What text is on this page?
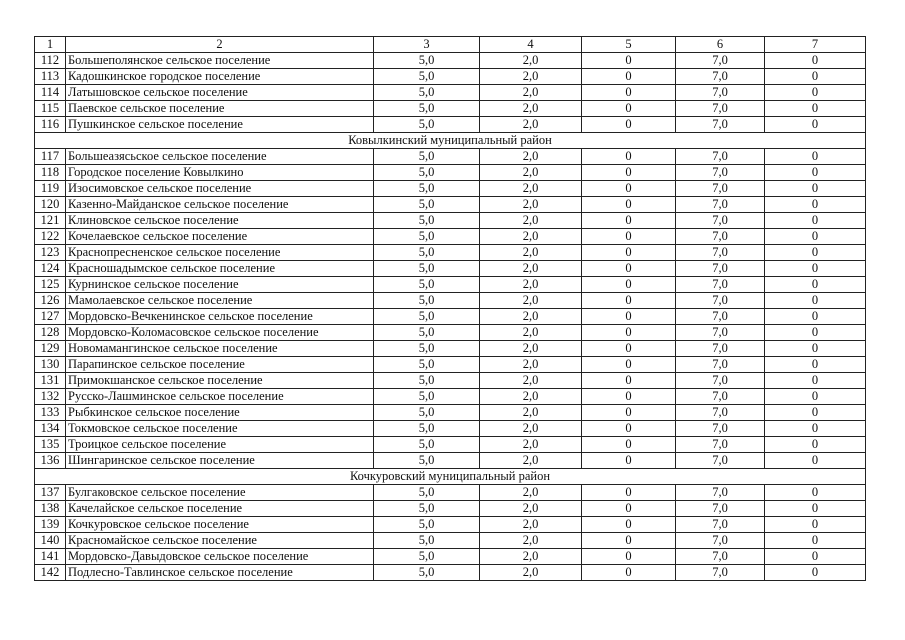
1	2	3	4	5	6	7
112	Большеполянское сельское поселение	5,0	2,0	0	7,0	0
113	Кадошкинское городское поселение	5,0	2,0	0	7,0	0
114	Латышовское сельское поселение	5,0	2,0	0	7,0	0
115	Паевское сельское поселение	5,0	2,0	0	7,0	0
116	Пушкинское сельское поселение	5,0	2,0	0	7,0	0
Ковылкинский муниципальный район						
117	Большеазясьское сельское поселение	5,0	2,0	0	7,0	0
118	Городское поселение Ковылкино	5,0	2,0	0	7,0	0
119	Изосимовское сельское поселение	5,0	2,0	0	7,0	0
120	Казенно-Майданское сельское поселение	5,0	2,0	0	7,0	0
121	Клиновское сельское поселение	5,0	2,0	0	7,0	0
122	Кочелаевское сельское поселение	5,0	2,0	0	7,0	0
123	Краснопресненское сельское поселение	5,0	2,0	0	7,0	0
124	Красношадымское сельское поселение	5,0	2,0	0	7,0	0
125	Курнинское сельское поселение	5,0	2,0	0	7,0	0
126	Мамолаевское сельское поселение	5,0	2,0	0	7,0	0
127	Мордовско-Вечкенинское сельское поселение	5,0	2,0	0	7,0	0
128	Мордовско-Коломасовское сельское поселение	5,0	2,0	0	7,0	0
129	Новомамангинское сельское поселение	5,0	2,0	0	7,0	0
130	Парапинское сельское поселение	5,0	2,0	0	7,0	0
131	Примокшанское сельское поселение	5,0	2,0	0	7,0	0
132	Русско-Лашминское сельское поселение	5,0	2,0	0	7,0	0
133	Рыбкинское сельское поселение	5,0	2,0	0	7,0	0
134	Токмовское сельское поселение	5,0	2,0	0	7,0	0
135	Троицкое сельское поселение	5,0	2,0	0	7,0	0
136	Шингаринское сельское поселение	5,0	2,0	0	7,0	0
Кочкуровский муниципальный район						
137	Булгаковское сельское поселение	5,0	2,0	0	7,0	0
138	Качелайское сельское поселение	5,0	2,0	0	7,0	0
139	Кочкуровское сельское поселение	5,0	2,0	0	7,0	0
140	Красномайское сельское поселение	5,0	2,0	0	7,0	0
141	Мордовско-Давыдовское сельское поселение	5,0	2,0	0	7,0	0
142	Подлесно-Тавлинское сельское поселение	5,0	2,0	0	7,0	0
